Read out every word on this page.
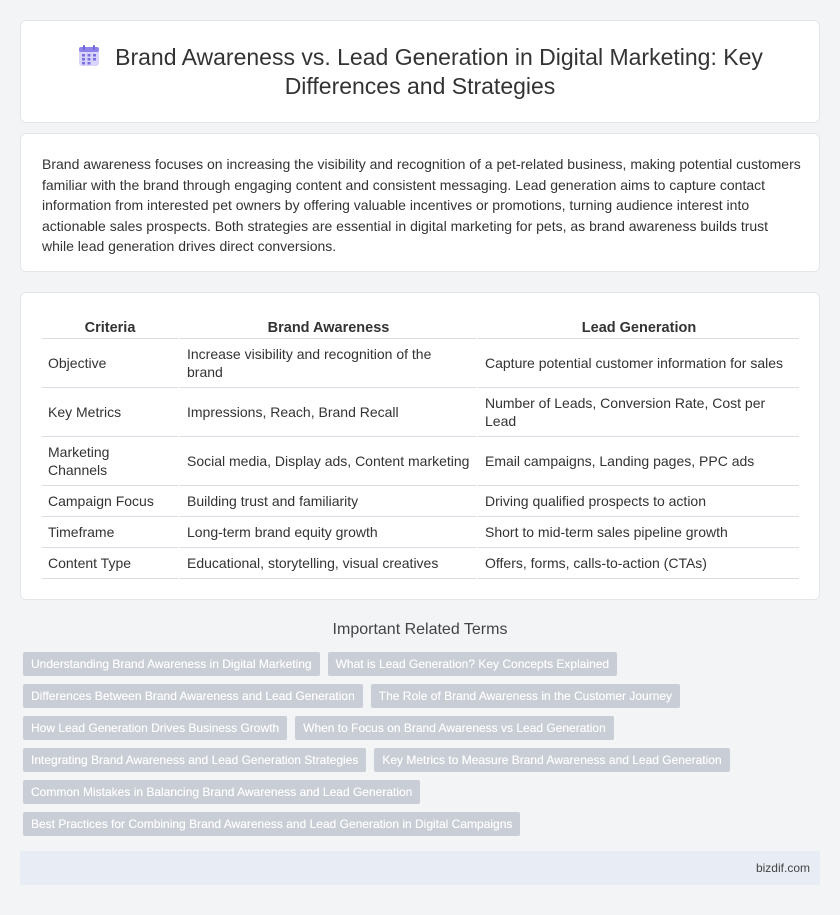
Brand Awareness vs. Lead Generation in Digital Marketing: Key Differences and Strategies

Brand awareness focuses on increasing the visibility and recognition of a pet-related business, making potential customers familiar with the brand through engaging content and consistent messaging. Lead generation aims to capture contact information from interested pet owners by offering valuable incentives or promotions, turning audience interest into actionable sales prospects. Both strategies are essential in digital marketing for pets, as brand awareness builds trust while lead generation drives direct conversions.

Criteria	Brand Awareness	Lead Generation
Objective	Increase visibility and recognition of the brand	Capture potential customer information for sales
Key Metrics	Impressions, Reach, Brand Recall	Number of Leads, Conversion Rate, Cost per Lead
Marketing Channels	Social media, Display ads, Content marketing	Email campaigns, Landing pages, PPC ads
Campaign Focus	Building trust and familiarity	Driving qualified prospects to action
Timeframe	Long-term brand equity growth	Short to mid-term sales pipeline growth
Content Type	Educational, storytelling, visual creatives	Offers, forms, calls-to-action (CTAs)
Important Related Terms
Understanding Brand Awareness in Digital Marketing What is Lead Generation? Key Concepts Explained
Differences Between Brand Awareness and Lead Generation The Role of Brand Awareness in the Customer Journey
How Lead Generation Drives Business Growth When to Focus on Brand Awareness vs Lead Generation
Integrating Brand Awareness and Lead Generation Strategies Key Metrics to Measure Brand Awareness and Lead Generation
Common Mistakes in Balancing Brand Awareness and Lead Generation
Best Practices for Combining Brand Awareness and Lead Generation in Digital Campaigns
bizdif.com
